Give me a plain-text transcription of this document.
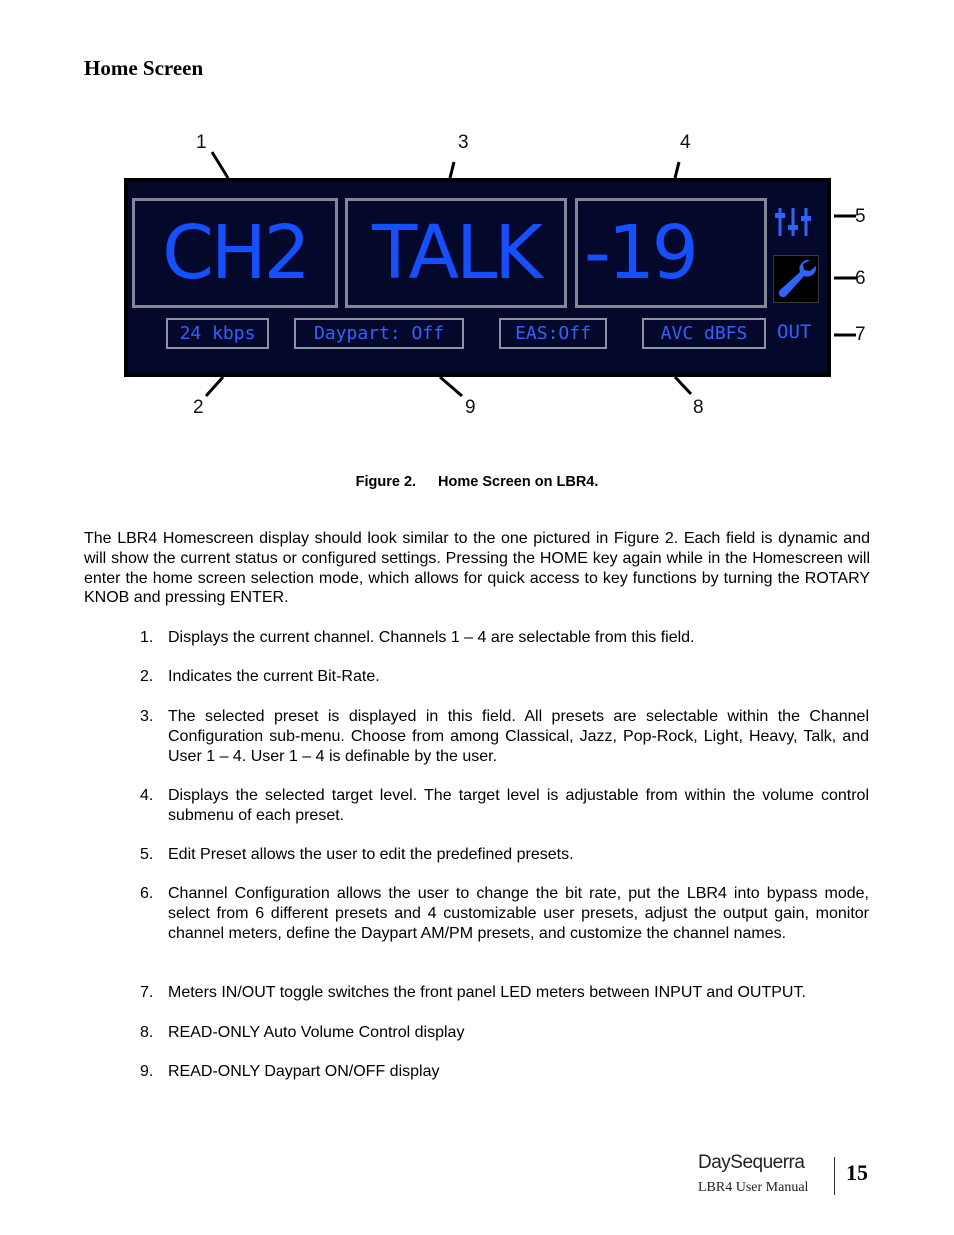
Home Screen
1	3	4
5
6
7
2	9	8
CH2 TALK -19
24 kbps	Daypart: Off	EAS:Off	AVC dBFS	OUT
Figure 2. Home Screen on LBR4.

The LBR4 Homescreen display should look similar to the one pictured in Figure 2. Each field is dynamic and will show the current status or configured settings. Pressing the HOME key again while in the Homescreen will enter the home screen selection mode, which allows for quick access to key functions by turning the ROTARY KNOB and pressing ENTER.

1. Displays the current channel. Channels 1 – 4 are selectable from this field.
2. Indicates the current Bit-Rate.
3. The selected preset is displayed in this field. All presets are selectable within the Channel Configuration sub-menu. Choose from among Classical, Jazz, Pop-Rock, Light, Heavy, Talk, and User 1 – 4. User 1 – 4 is definable by the user.
4. Displays the selected target level. The target level is adjustable from within the volume control submenu of each preset.
5. Edit Preset allows the user to edit the predefined presets.
6. Channel Configuration allows the user to change the bit rate, put the LBR4 into bypass mode, select from 6 different presets and 4 customizable user presets, adjust the output gain, monitor channel meters, define the Daypart AM/PM presets, and customize the channel names.
7. Meters IN/OUT toggle switches the front panel LED meters between INPUT and OUTPUT.
8. READ-ONLY Auto Volume Control display
9. READ-ONLY Daypart ON/OFF display
DaySequerra
LBR4 User Manual
15
